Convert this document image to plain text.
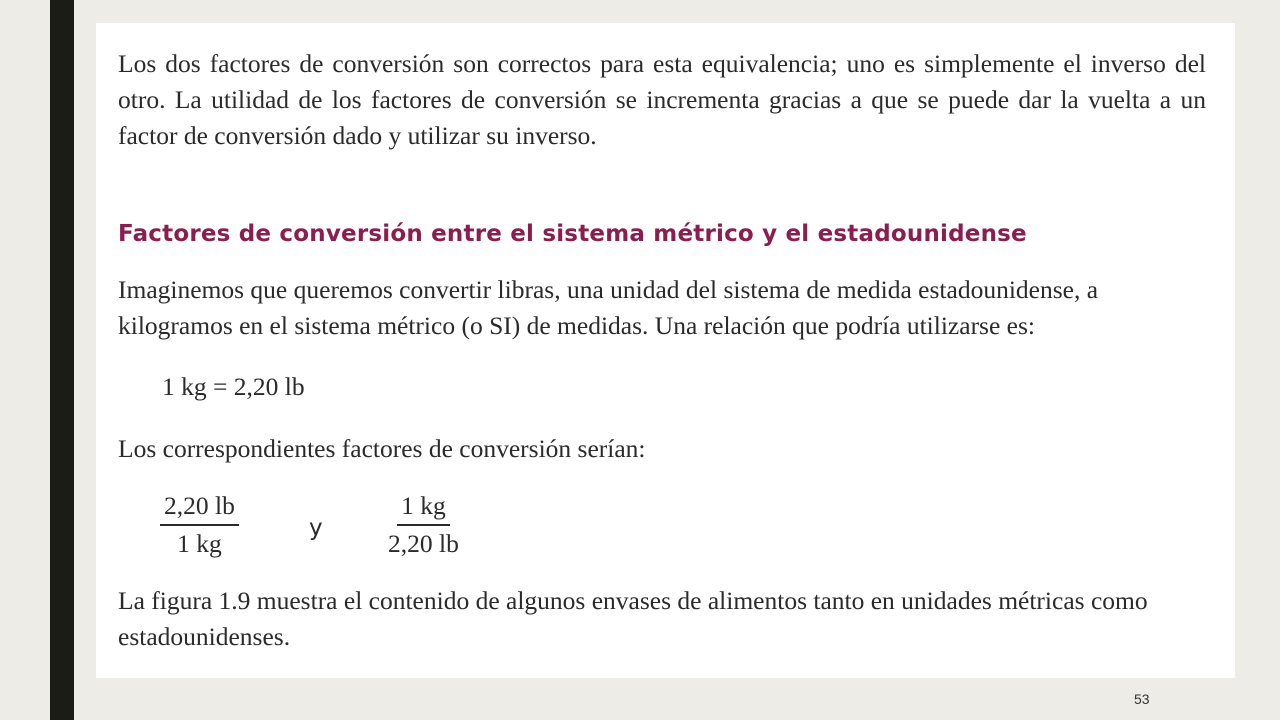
Los dos factores de conversión son correctos para esta equivalencia; uno es simplemente el inverso del otro. La utilidad de los factores de conversión se incrementa gracias a que se puede dar la vuelta a un factor de conversión dado y utilizar su inverso.

Factores de conversión entre el sistema métrico y el estadounidense

Imaginemos que queremos convertir libras, una unidad del sistema de medida estadounidense, a kilogramos en el sistema métrico (o SI) de medidas. Una relación que podría utilizarse es:

1 kg = 2,20 lb

Los correspondientes factores de conversión serían:

$\frac{2,20 lb}{1 kg}$	y $\frac{1 kg}{2,20 lb}$

La figura 1.9 muestra el contenido de algunos envases de alimentos tanto en unidades métricas como estadounidenses.

53
